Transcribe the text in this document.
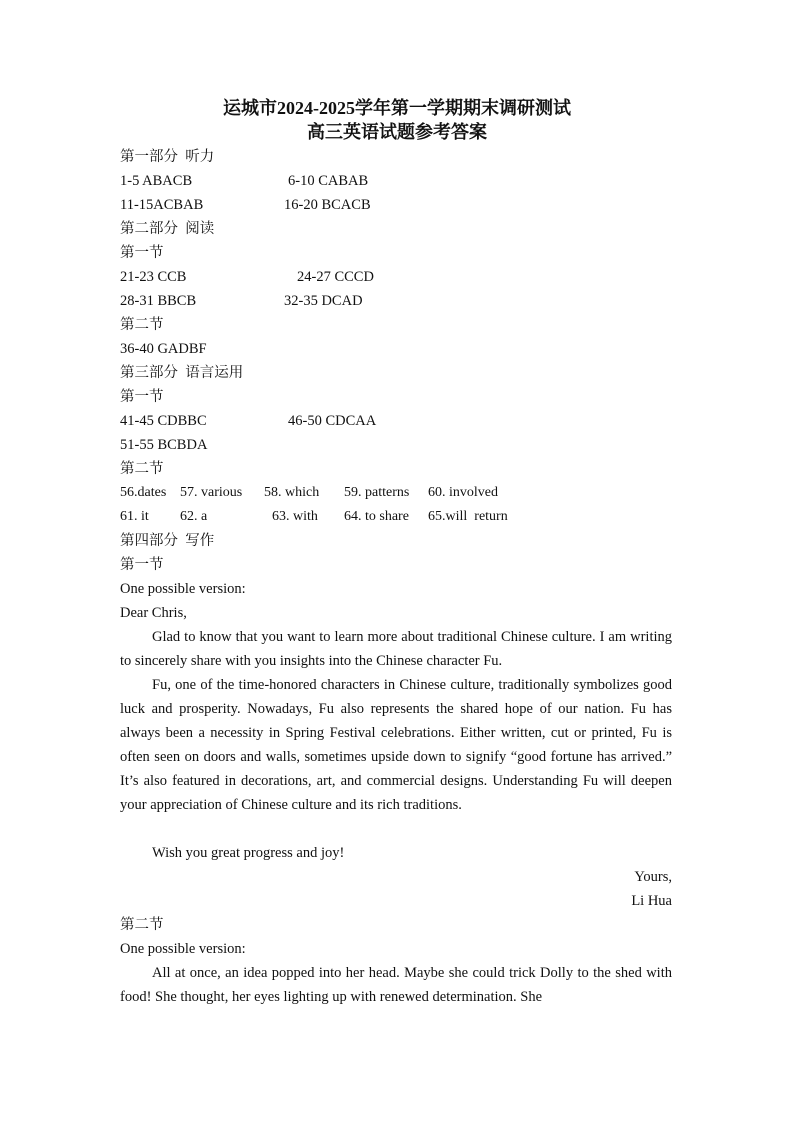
运城市2024-2025学年第一学期期末调研测试
高三英语试题参考答案
第一部分  听力
1-5 ABACB	6-10 CABAB
11-15ACBAB	16-20 BCACB
第二部分  阅读
第一节
21-23 CCB	24-27 CCCD
28-31 BBCB	32-35 DCAD
第二节
36-40 GADBF
第三部分  语言运用
第一节
41-45 CDBBC	46-50 CDCAA
51-55 BCBDA
第二节
56.dates 57. various 58. which 59. patterns 60. involved
61. it 62. a	63. with 64. to share 65.will  return
第四部分  写作
第一节
One possible version:
Dear Chris,

Glad to know that you want to learn more about traditional Chinese culture. I am writing to sincerely share with you insights into the Chinese character Fu.

Fu, one of the time-honored characters in Chinese culture, traditionally symbolizes good luck and prosperity. Nowadays, Fu also represents the shared hope of our nation. Fu has always been a necessity in Spring Festival celebrations. Either written, cut or printed, Fu is often seen on doors and walls, sometimes upside down to signify “good fortune has arrived.” It’s also featured in decorations, art, and commercial designs. Understanding Fu will deepen your appreciation of Chinese culture and its rich traditions.

Wish you great progress and joy!

Yours,
Li Hua
第二节
One possible version:

All at once, an idea popped into her head. Maybe she could trick Dolly to the shed with food! She thought, her eyes lighting up with renewed determination. She
